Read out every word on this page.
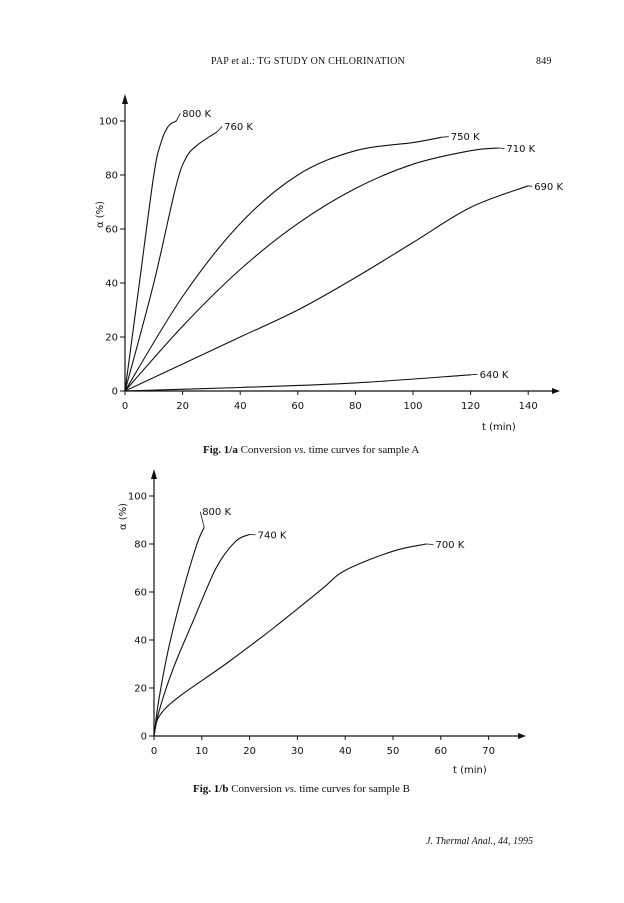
PAP et al.: TG STUDY ON CHLORINATION	849
0	20	40	60	80	100	120	140
0
20
40
60
80
100
800 K
760 K
750 K
710 K
690 K
640 K
t (min)
α (%)
Fig. 1/a Conversion vs. time curves for sample A
0	10	20	30	40	50	60	70
0
20
40
60
80
100
800 K
740 K
700 K
t (min)
α (%)
Fig. 1/b Conversion vs. time curves for sample B
J. Thermal Anal., 44, 1995
